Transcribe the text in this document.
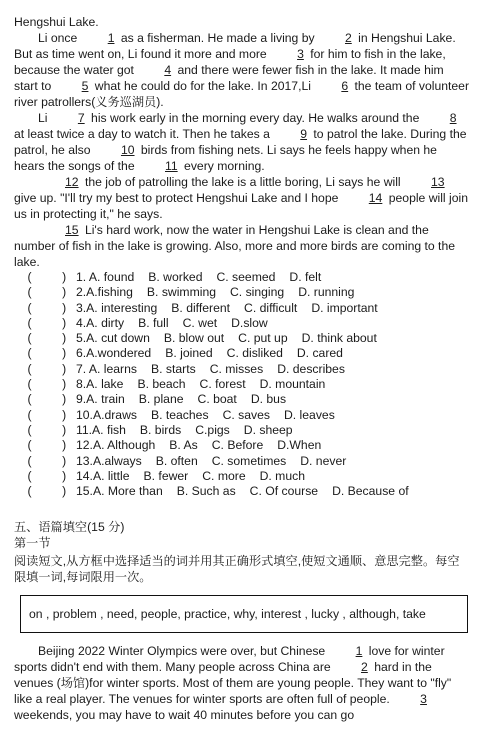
Hengshui Lake.

Li once 1 as a fisherman. He made a living by 2 in Hengshui Lake. But as time went on, Li found it more and more 3 for him to fish in the lake, because the water got 4 and there were fewer fish in the lake. It made him start to 5 what he could do for the lake. In 2017,Li 6 the team of volunteer river patrollers(义务巡湖员).

Li 7 his work early in the morning every day. He walks around the 8 at least twice a day to watch it. Then he takes a 9 to patrol the lake. During the patrol, he also 10 birds from fishing nets. Li says he feels happy when he hears the songs of the 11 every morning.

12 the job of patrolling the lake is a little boring, Li says he will 13 give up. "I'll try my best to protect Hengshui Lake and I hope 14 people will join us in protecting it," he says.

15 Li's hard work, now the water in Hengshui Lake is clean and the number of fish in the lake is growing. Also, more and more birds are coming to the lake.

(         ) 1. A. found B. worked C. seemed D. felt
(         ) 2.A.fishing B. swimming C. singing D. running
(         ) 3.A. interesting B. different C. difficult D. important
(         ) 4.A. dirty B. full C. wet D.slow
(         ) 5.A. cut down B. blow out C. put up D. think about
(         ) 6.A.wondered B. joined C. disliked D. cared
(         ) 7. A. learns B. starts C. misses D. describes
(         ) 8.A. lake B. beach C. forest D. mountain
(         ) 9.A. train B. plane C. boat D. bus
(         ) 10.A.draws B. teaches C. saves D. leaves
(         ) 11.A. fish B. birds C.pigs D. sheep
(         ) 12.A. Although B. As C. Before D.When
(         ) 13.A.always B. often C. sometimes D. never
(         ) 14.A. little B. fewer C. more D. much
(         ) 15.A. More than B. Such as C. Of course D. Because of

五、语篇填空(15 分)

第一节

阅读短文,从方框中选择适当的词并用其正确形式填空,使短文通顺、意思完整。每空限填一词,每词限用一次。

on , problem , need, people, practice, why, interest , lucky , although, take

Beijing 2022 Winter Olympics were over, but Chinese 1 love for winter sports didn't end with them. Many people across China are 2 hard in the venues (场馆)for winter sports. Most of them are young people. They want to "fly" like a real player. The venues for winter sports are often full of people. 3 weekends, you may have to wait 40 minutes before you can go
